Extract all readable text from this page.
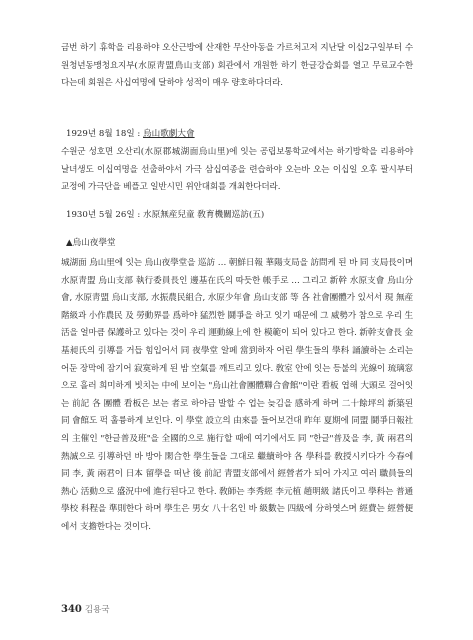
금번 하기 휴학을 리용하야 오산근방에 산재한 무산아동을 가르처고저 지난달 이십2구일부터 수원청년동맹청요지부(水原靑盟鳥山支部) 회관에서 개원한 하기 한글강습회를 열고 무료교수한 다는데 회원은 사십여명에 달하야 성적이 매우 량호하다더라.

1929년 8월 18일 : 烏山歌劇大會

수원군 성호면 오산리(水原郡城湖面烏山里)에 잇는 공립보통학교에서는 하기방학을 리용하야 날녀생도 이십여명을 선출하야서 가극 삼십여종을 련습하야 오는바 오는 이십일 오후 팔시부터 교정에 가극단을 베플고 일반시민 위안대회를 개최한다더라.

1930년 5월 26일 : 水原無産兒童 敎育機關巡訪(五)
▲烏山夜學堂

城湖面 烏山里에 잇는 烏山夜學堂을 巡訪 … 朝鮮日報 華陽支局을 訪問케 된 바 同 支局長이며 水原靑盟 烏山支部 執行委員長인 邊基在氏의 따듯한 帳手로 … 그리고 新幹 水原支會 烏山分會, 水原靑盟 烏山支部, 水振農民組合, 水原少年會 烏山支部 等 各 社會團體가 있서서 現 無産階級과 小作農民 及 勞動界를 爲하야 猛烈한 鬪爭을 하고 잇기 때문에 그 威勢가 참으로 우리 生活을 얼마큼 保護하고 있다는 것이 우리 運動線上에 한 模範이 되어 있다고 한다. 新幹支會長 金基昶氏의 引導를 거듭 힘입어서 同 夜學堂 알페 當到하자 어린 學生들의 學科 誦讀하는 소리는 어둔 장막에 잠기어 寂寞하게 된 밤 空氣를 깨트리고 있다. 敎室 안에 잇는 등불의 光線이 琉璃窓으로 흘러 희미하게 빗치는 中에 보이는 "烏山社會團體聯合會館"이란 看板 엽해 大頭로 걸어잇는 前記 各 團體 看板은 보는 者로 하야금 발할 수 업는 늦김을 感하게 하며 二十餘坪의 新築된 同 會館도 퍽 훌륭하게 보인다. 이 學堂 設立의 由來를 들어보건대 昨年 夏期에 同盟 鬪爭日報社의 主催인 "한글普及班"을 全國的으로 施行할 때에 여기에서도 同 "한글"普及을 李, 黃 兩君의 熱誠으로 引導하던 바 방아 閑合한 學生들을 그대로 繼續하야 各 學科를 敎授시키다가 今春에 同 李, 黃 兩君이 日本 留學을 떠난 後 前記 青盟支部에서 經營者가 되어 가지고 여러 職員들의 熱心 活動으로 盛況中에 進行된다고 한다. 敎師는 李秀經 李元植 趙明級 諸氏이고 學科는 普通學校 科程을 準則한다 하며 學生은 男女 八十名인 바 級數는 四級에 分하엿스며 經費는 經營便에서 支擔한다는 것이다.

340 김용국
